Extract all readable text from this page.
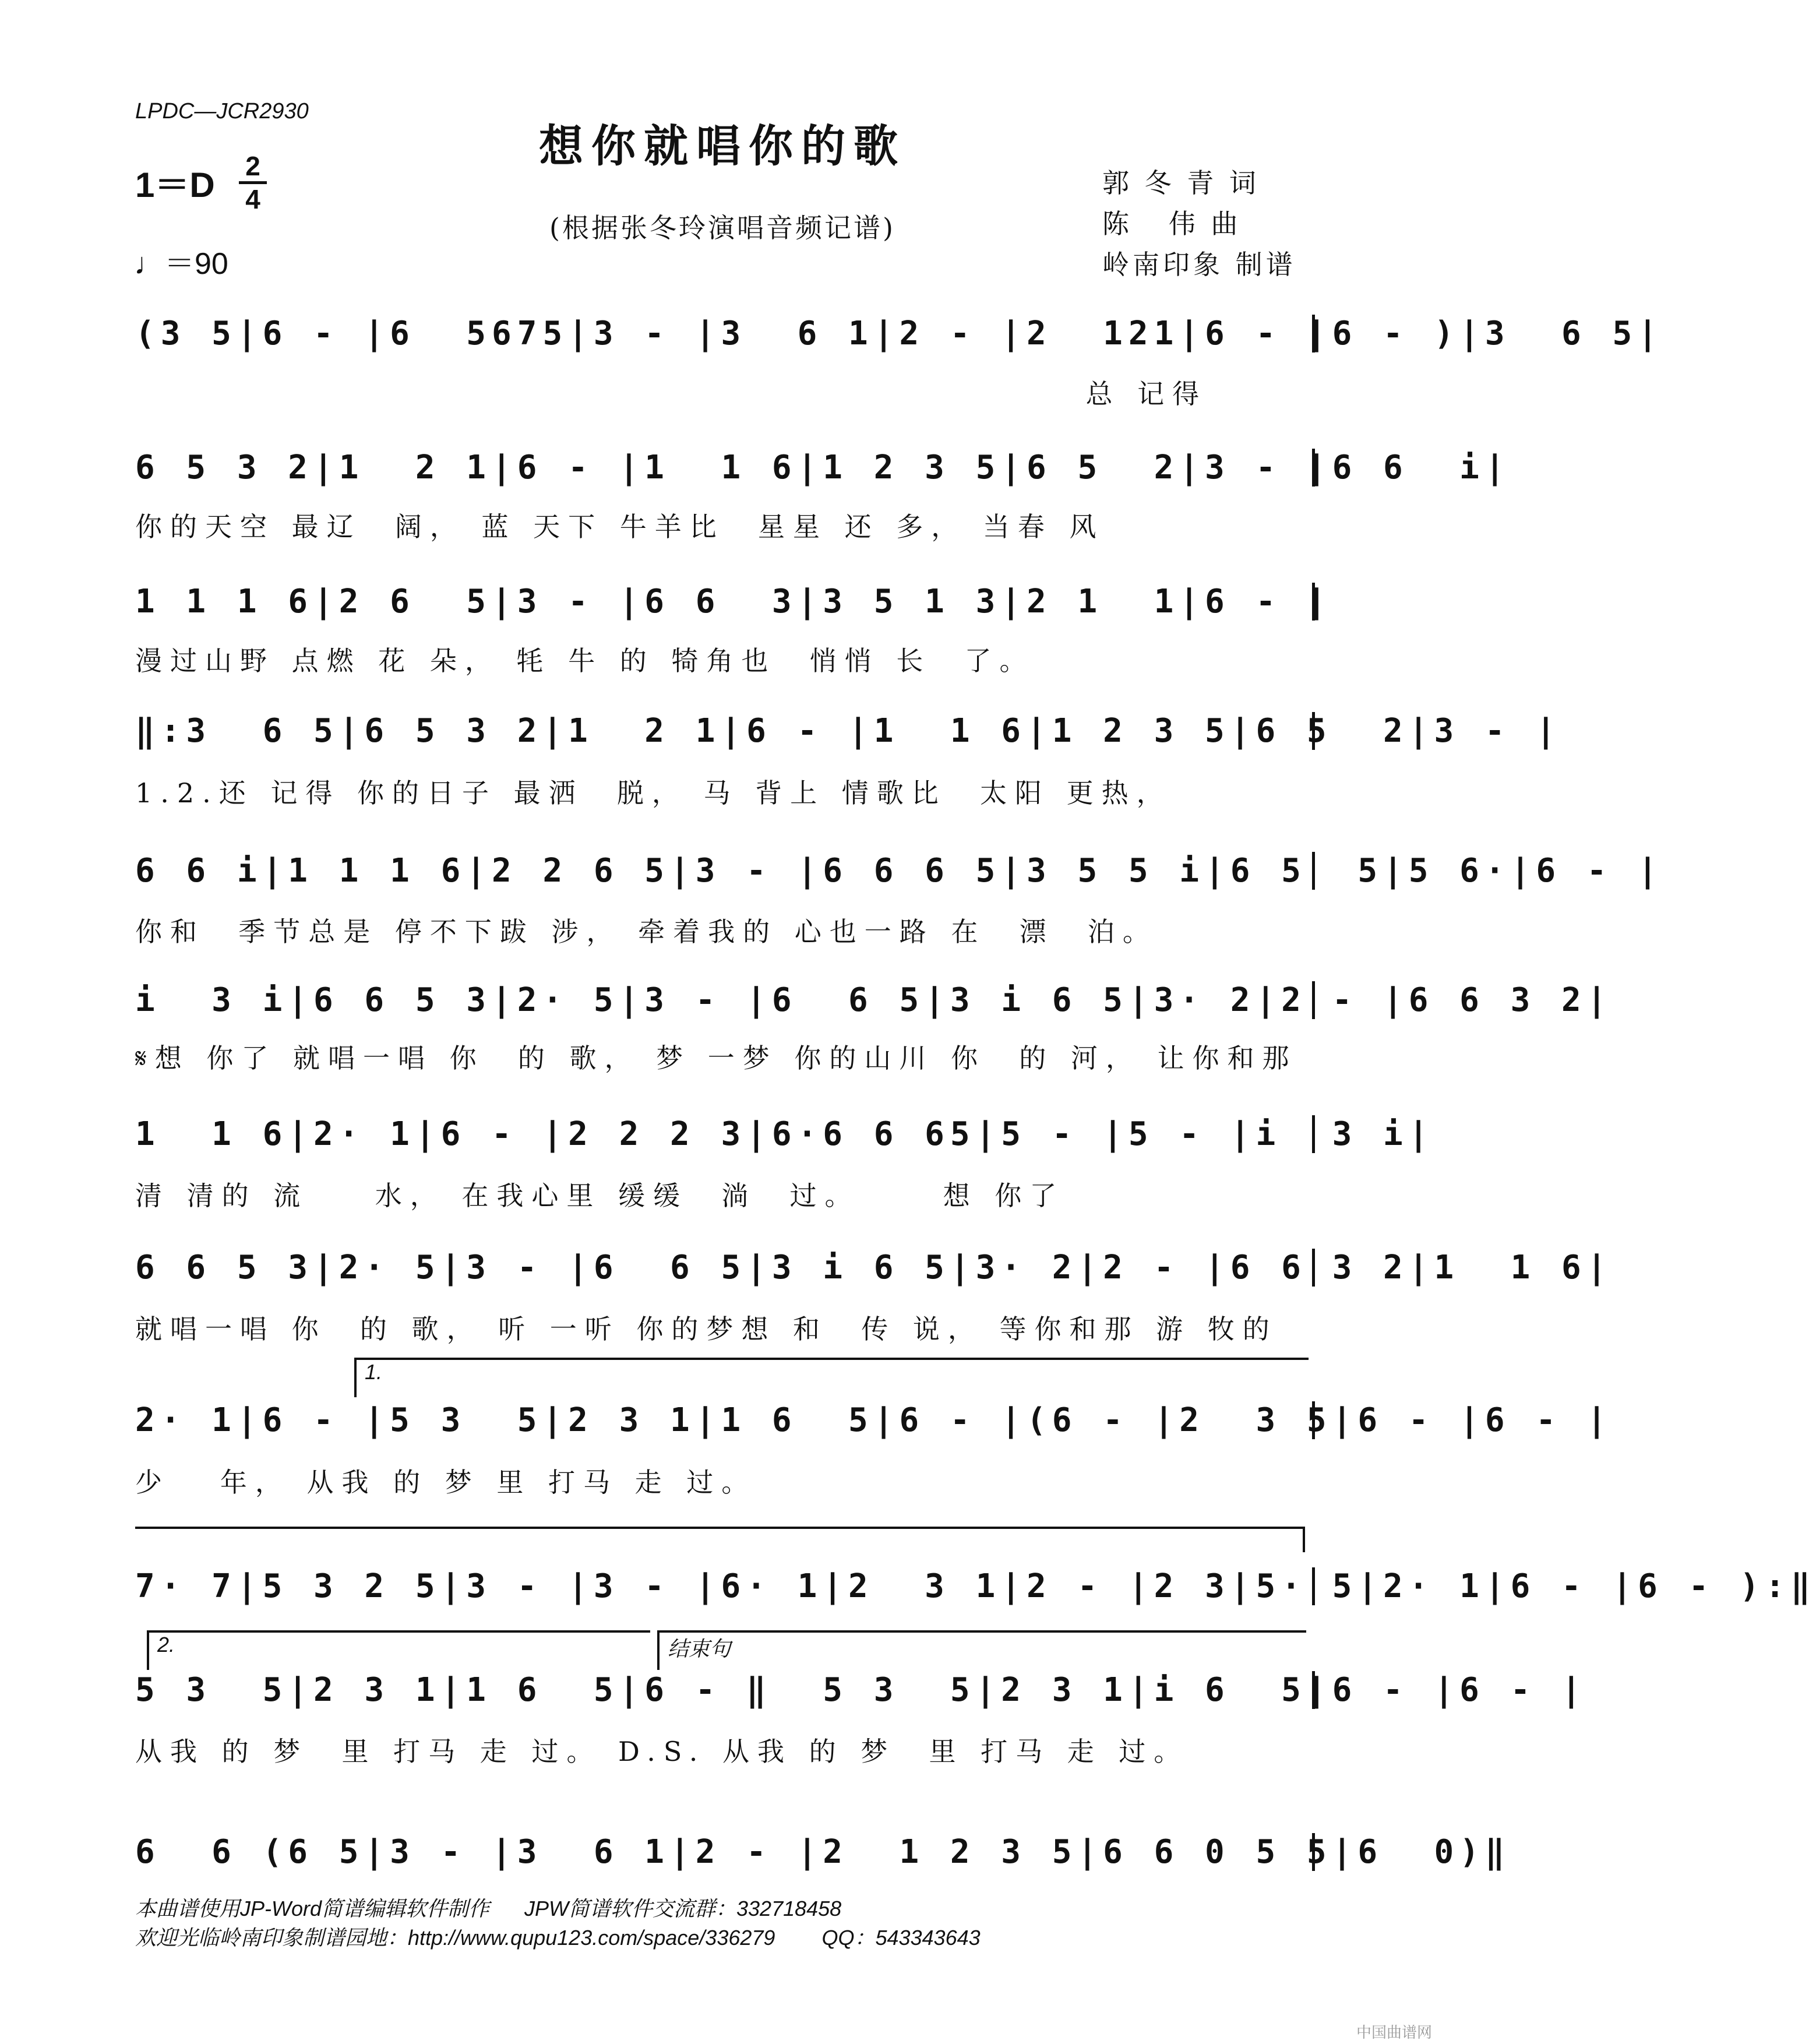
LPDC—JCR2930
想你就唱你的歌
(根据张冬玲演唱音频记谱)
1＝D 2
4
♩＝90
郭 冬 青 词
陈   伟 曲
岭南印象 制谱
(3 5|6 - |6  5675|3 - |3  6 1|2 - |2  121|6 - |6 - )|3  6 5|
总 记得
6 5 3 2|1  2 1|6 - |1  1 6|1 2 3 5|6 5  2|3 - |6 6  i|
你的天空 最辽  阔， 蓝 天下 牛羊比  星星 还 多， 当春 风
1 1 1 6|2 6  5|3 - |6 6  3|3 5 1 3|2 1  1|6 - |
漫过山野 点燃 花 朵， 牦 牛 的 犄角也  悄悄 长  了。
‖:3  6 5|6 5 3 2|1  2 1|6 - |1  1 6|1 2 3 5|6 5  2|3 - |
1.2.还 记得 你的日子 最洒  脱， 马 背上 情歌比  太阳 更热，
6 6 i|1 1 1 6|2 2 6 5|3 - |6 6 6 5|3 5 5 i|6 5  5|5 6·|6 - |
你和  季节总是 停不下跋 涉， 牵着我的 心也一路 在  漂  泊。
i  3 i|6 6 5 3|2· 5|3 - |6  6 5|3 i 6 5|3· 2|2 - |6 6 3 2|
𝄋想 你了 就唱一唱 你  的 歌， 梦 一梦 你的山川 你  的 河， 让你和那
1  1 6|2· 1|6 - |2 2 2 3|6·6 6 65|5 - |5 - |i  3 i|
清 清的 流    水， 在我心里 缓缓  淌  过。     想 你了
6 6 5 3|2· 5|3 - |6  6 5|3 i 6 5|3· 2|2 - |6 6 3 2|1  1 6|
就唱一唱 你  的 歌， 听 一听 你的梦想 和  传 说， 等你和那 游 牧的
1.
2· 1|6 - |5 3  5|2 3 1|1 6  5|6 - |(6 - |2  3 5|6 - |6 - |
少   年， 从我 的 梦 里 打马 走 过。
7· 7|5 3 2 5|3 - |3 - |6· 1|2  3 1|2 - |2 3|5· 5|2· 1|6 - |6 - ):‖
2.	结束句
5 3  5|2 3 1|1 6  5|6 - ‖  5 3  5|2 3 1|i 6  5|6 - |6 - |
从我 的 梦  里 打马 走 过。 D.S. 从我 的 梦  里 打马 走 过。
6  6 (6 5|3 - |3  6 1|2 - |2  1 2 3 5|6 6 0 5 5|6  0)‖
本曲谱使用JP-Word简谱编辑软件制作      JPW简谱软件交流群：332718458
欢迎光临岭南印象制谱园地：http://www.qupu123.com/space/336279        QQ：543343643
中国曲谱网
